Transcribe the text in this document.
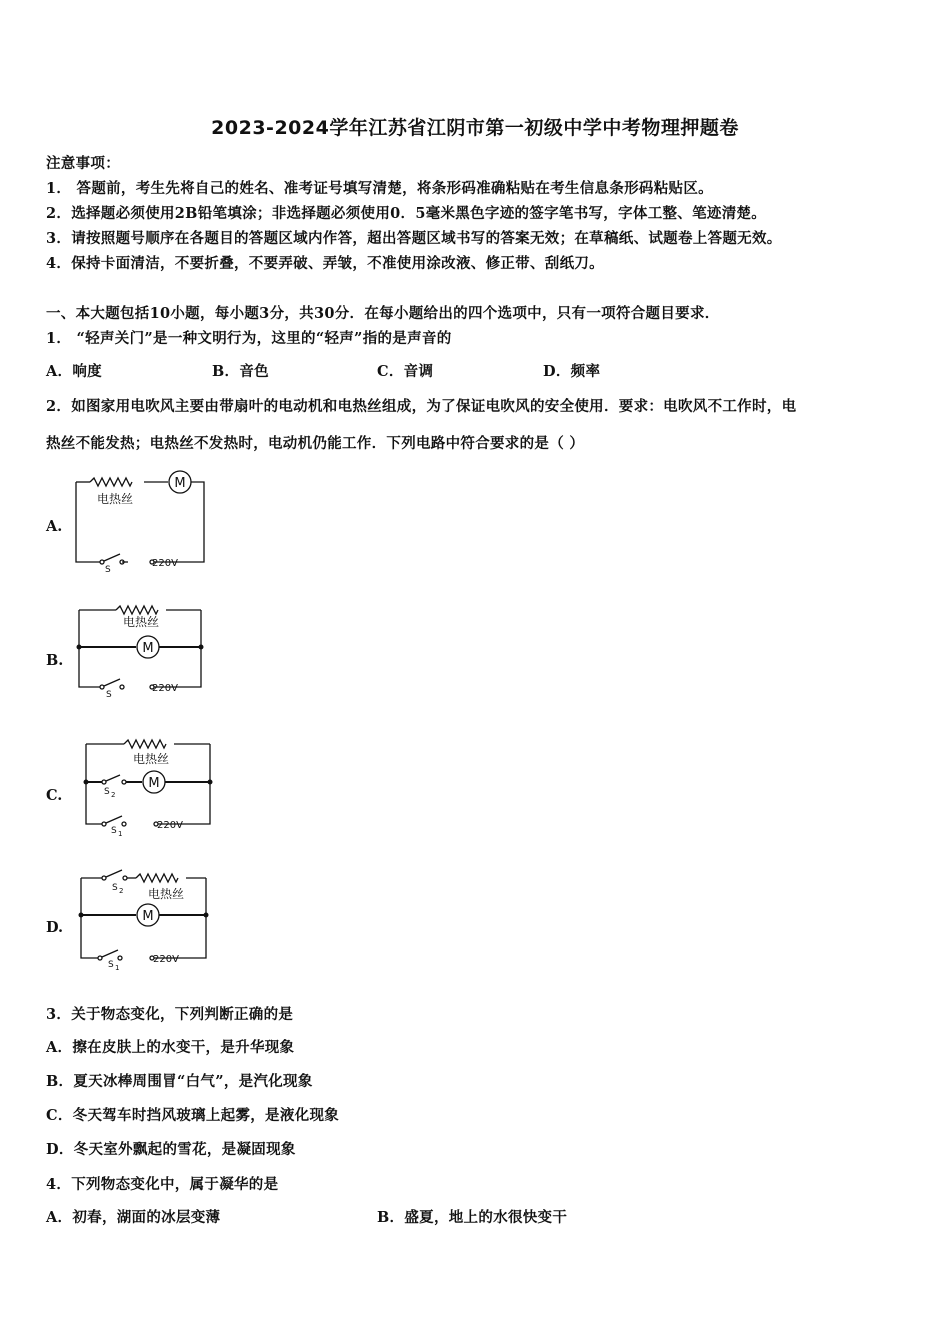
2023-2024学年江苏省江阴市第一初级中学中考物理押题卷
注意事项：
1． 答题前，考生先将自己的姓名、准考证号填写清楚，将条形码准确粘贴在考生信息条形码粘贴区。
2．选择题必须使用2B铅笔填涂；非选择题必须使用0．5毫米黑色字迹的签字笔书写，字体工整、笔迹清楚。
3．请按照题号顺序在各题目的答题区域内作答，超出答题区域书写的答案无效；在草稿纸、试题卷上答题无效。
4．保持卡面清洁，不要折叠，不要弄破、弄皱，不准使用涂改液、修正带、刮纸刀。
一、本大题包括10小题，每小题3分，共30分．在每小题给出的四个选项中，只有一项符合题目要求．
1． “轻声关门”是一种文明行为，这里的“轻声”指的是声音的
A．响度	B．音色	C．音调	D．频率
2．如图家用电吹风主要由带扇叶的电动机和电热丝组成，为了保证电吹风的安全使用．要求：电吹风不工作时，电
热丝不能发热；电热丝不发热时，电动机仍能工作．下列电路中符合要求的是（ ）
A.
电热丝
M
S
220V
B.
电热丝
M
S
220V
C.
电热丝
M
S 2
S 1
220V
D.
电热丝
M
S 2
S 1
220V
3．关于物态变化，下列判断正确的是
A．擦在皮肤上的水变干，是升华现象
B．夏天冰棒周围冒“白气”，是汽化现象
C．冬天驾车时挡风玻璃上起雾，是液化现象
D．冬天室外飘起的雪花，是凝固现象
4．下列物态变化中，属于凝华的是
A．初春，湖面的冰层变薄	B．盛夏，地上的水很快变干
